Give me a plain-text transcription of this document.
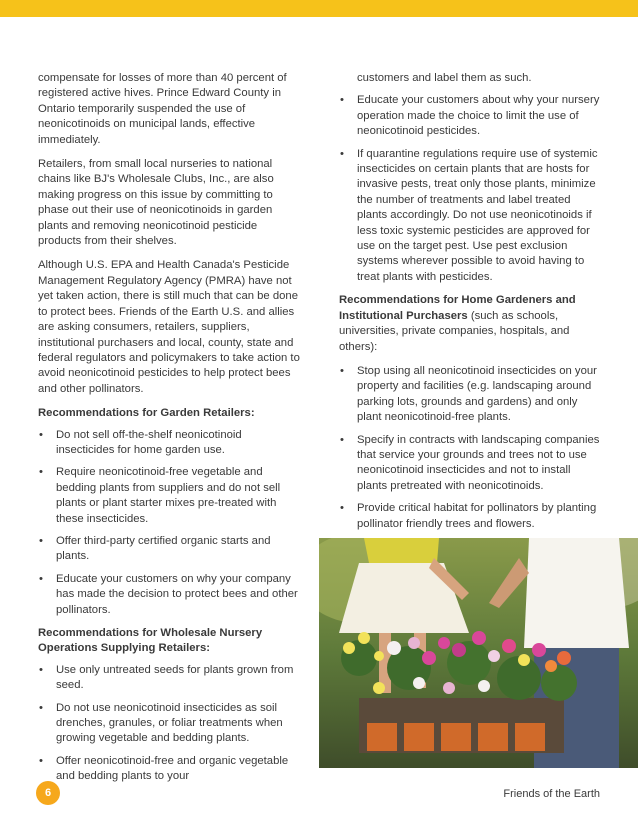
compensate for losses of more than 40 percent of registered active hives. Prince Edward County in Ontario temporarily suspended the use of neonicotinoids on municipal lands, effective immediately.

Retailers, from small local nurseries to national chains like BJ's Wholesale Clubs, Inc., are also making progress on this issue by committing to phase out their use of neonicotinoids in garden plants and removing neonicotinoid pesticide products from their shelves.

Although U.S. EPA and Health Canada's Pesticide Management Regulatory Agency (PMRA) have not yet taken action, there is still much that can be done to protect bees. Friends of the Earth U.S. and allies are asking consumers, retailers, suppliers, institutional purchasers and local, county, state and federal regulators and policymakers to take action to avoid neonicotinoid pesticides to help protect bees and other pollinators.

Recommendations for Garden Retailers:

• Do not sell off-the-shelf neonicotinoid insecticides for home garden use.
• Require neonicotinoid-free vegetable and bedding plants from suppliers and do not sell plants or plant starter mixes pre-treated with these insecticides.
• Offer third-party certified organic starts and plants.
• Educate your customers on why your company has made the decision to protect bees and other pollinators.

Recommendations for Wholesale Nursery Operations Supplying Retailers:

• Use only untreated seeds for plants grown from seed.
• Do not use neonicotinoid insecticides as soil drenches, granules, or foliar treatments when growing vegetable and bedding plants.
• Offer neonicotinoid-free and organic vegetable and bedding plants to your
customers and label them as such.
• Educate your customers about why your nursery operation made the choice to limit the use of neonicotinoid pesticides.
• If quarantine regulations require use of systemic insecticides on certain plants that are hosts for invasive pests, treat only those plants, minimize the number of treatments and label treated plants accordingly. Do not use neonicotinoids if less toxic systemic pesticides are approved for use on the target pest. Use pest exclusion systems wherever possible to avoid having to treat plants with pesticides.

Recommendations for Home Gardeners and Institutional Purchasers (such as schools, universities, private companies, hospitals, and others):

• Stop using all neonicotinoid insecticides on your property and facilities (e.g. landscaping around parking lots, grounds and gardens) and only plant neonicotinoid-free plants.
• Specify in contracts with landscaping companies that service your grounds and trees not to use neonicotinoid insecticides and not to install plants pretreated with neonicotinoids.
• Provide critical habitat for pollinators by planting pollinator friendly trees and flowers.
6	Friends of the Earth
